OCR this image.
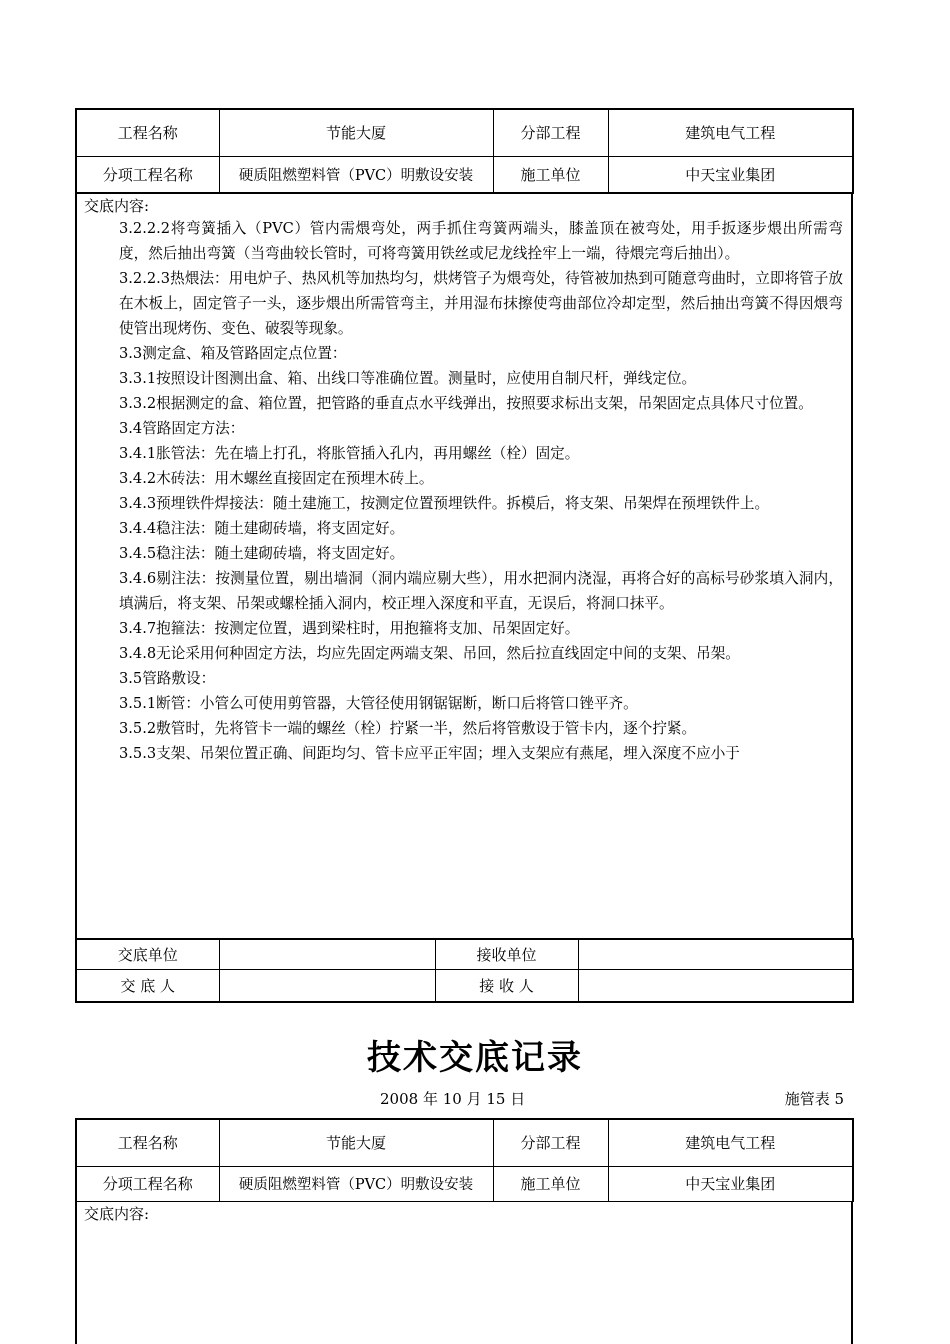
工程名称	节能大厦	分部工程	建筑电气工程
分项工程名称	硬质阻燃塑料管（PVC）明敷设安装	施工单位	中天宝业集团
交底内容:

3.2.2.2将弯簧插入（PVC）管内需煨弯处，两手抓住弯簧两端头，膝盖顶在被弯处，用手扳逐步煨出所需弯度，然后抽出弯簧（当弯曲较长管时，可将弯簧用铁丝或尼龙线拴牢上一端，待煨完弯后抽出）。

3.2.2.3热煨法：用电炉子、热风机等加热均匀，烘烤管子为煨弯处，待管被加热到可随意弯曲时，立即将管子放在木板上，固定管子一头，逐步煨出所需管弯主，并用湿布抹擦使弯曲部位冷却定型，然后抽出弯簧不得因煨弯使管出现烤伤、变色、破裂等现象。

3.3测定盒、箱及管路固定点位置：

3.3.1按照设计图测出盒、箱、出线口等准确位置。测量时，应使用自制尺杆，弹线定位。

3.3.2根据测定的盒、箱位置，把管路的垂直点水平线弹出，按照要求标出支架，吊架固定点具体尺寸位置。

3.4管路固定方法：

3.4.1胀管法：先在墙上打孔，将胀管插入孔内，再用螺丝（栓）固定。

3.4.2木砖法：用木螺丝直接固定在预埋木砖上。

3.4.3预埋铁件焊接法：随土建施工，按测定位置预埋铁件。拆模后，将支架、吊架焊在预埋铁件上。

3.4.4稳注法：随土建砌砖墙，将支固定好。

3.4.5稳注法：随土建砌砖墙，将支固定好。

3.4.6剔注法：按测量位置，剔出墙洞（洞内端应剔大些），用水把洞内浇湿，再将合好的高标号砂浆填入洞内，填满后，将支架、吊架或螺栓插入洞内，校正埋入深度和平直，无误后，将洞口抹平。

3.4.7抱箍法：按测定位置，遇到梁柱时，用抱箍将支加、吊架固定好。

3.4.8无论采用何种固定方法，均应先固定两端支架、吊回，然后拉直线固定中间的支架、吊架。

3.5管路敷设：

3.5.1断管：小管么可使用剪管器，大管径使用钢锯锯断，断口后将管口锉平齐。

3.5.2敷管时，先将管卡一端的螺丝（栓）拧紧一半，然后将管敷设于管卡内，逐个拧紧。

3.5.3支架、吊架位置正确、间距均匀、管卡应平正牢固；埋入支架应有燕尾，埋入深度不应小于

交底单位		接收单位	
交 底 人		接 收 人	
技术交底记录
2008 年 10 月 15 日	施管表 5
工程名称	节能大厦	分部工程	建筑电气工程
分项工程名称	硬质阻燃塑料管（PVC）明敷设安装	施工单位	中天宝业集团
交底内容:
